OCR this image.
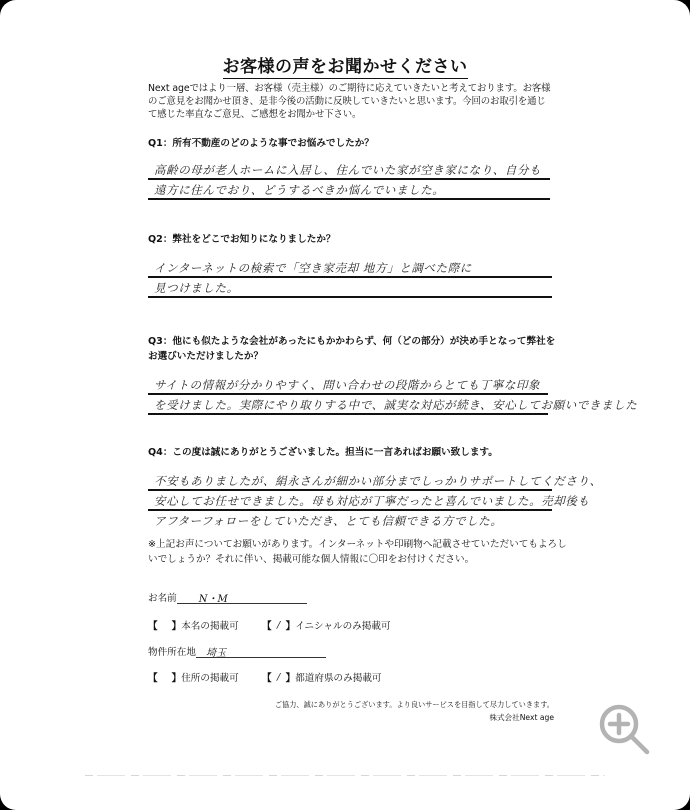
お客様の声をお聞かせください
Next ageではより一層、お客様（売主様）のご期待に応えていきたいと考えております。お客様のご意見をお聞かせ頂き、是非今後の活動に反映していきたいと思います。今回のお取引を通じて感じた率直なご意見、ご感想をお聞かせ下さい。
Q1：所有不動産のどのような事でお悩みでしたか？
高齢の母が老人ホームに入居し、住んでいた家が空き家になり、自分も
遠方に住んでおり、どうするべきか悩んでいました。
Q2：弊社をどこでお知りになりましたか？
インターネットの検索で「空き家売却 地方」と調べた際に
見つけました。
Q3：他にも似たような会社があったにもかかわらず、何（どの部分）が決め手となって弊社をお選びいただけましたか？
サイトの情報が分かりやすく、問い合わせの段階からとても丁寧な印象
を受けました。実際にやり取りする中で、誠実な対応が続き、安心してお願いできました
Q4：この度は誠にありがとうございました。担当に一言あればお願い致します。
不安もありましたが、絹永さんが細かい部分までしっかりサポートしてくださり、
安心してお任せできました。母も対応が丁寧だったと喜んでいました。売却後も
アフターフォローをしていただき、とても信頼できる方でした。
※上記お声についてお願いがあります。インターネットや印刷物へ記載させていただいてもよろしいでしょうか？それに伴い、掲載可能な個人情報に〇印をお付けください。
お名前	N・M
【 】 本名の掲載可 【 / 】 イニシャルのみ掲載可
物件所在地	埼玉
【 】 住所の掲載可 【 / 】 都道府県のみ掲載可
ご協力、誠にありがとうございます。より良いサービスを目指して尽力していきます。
株式会社Next age
